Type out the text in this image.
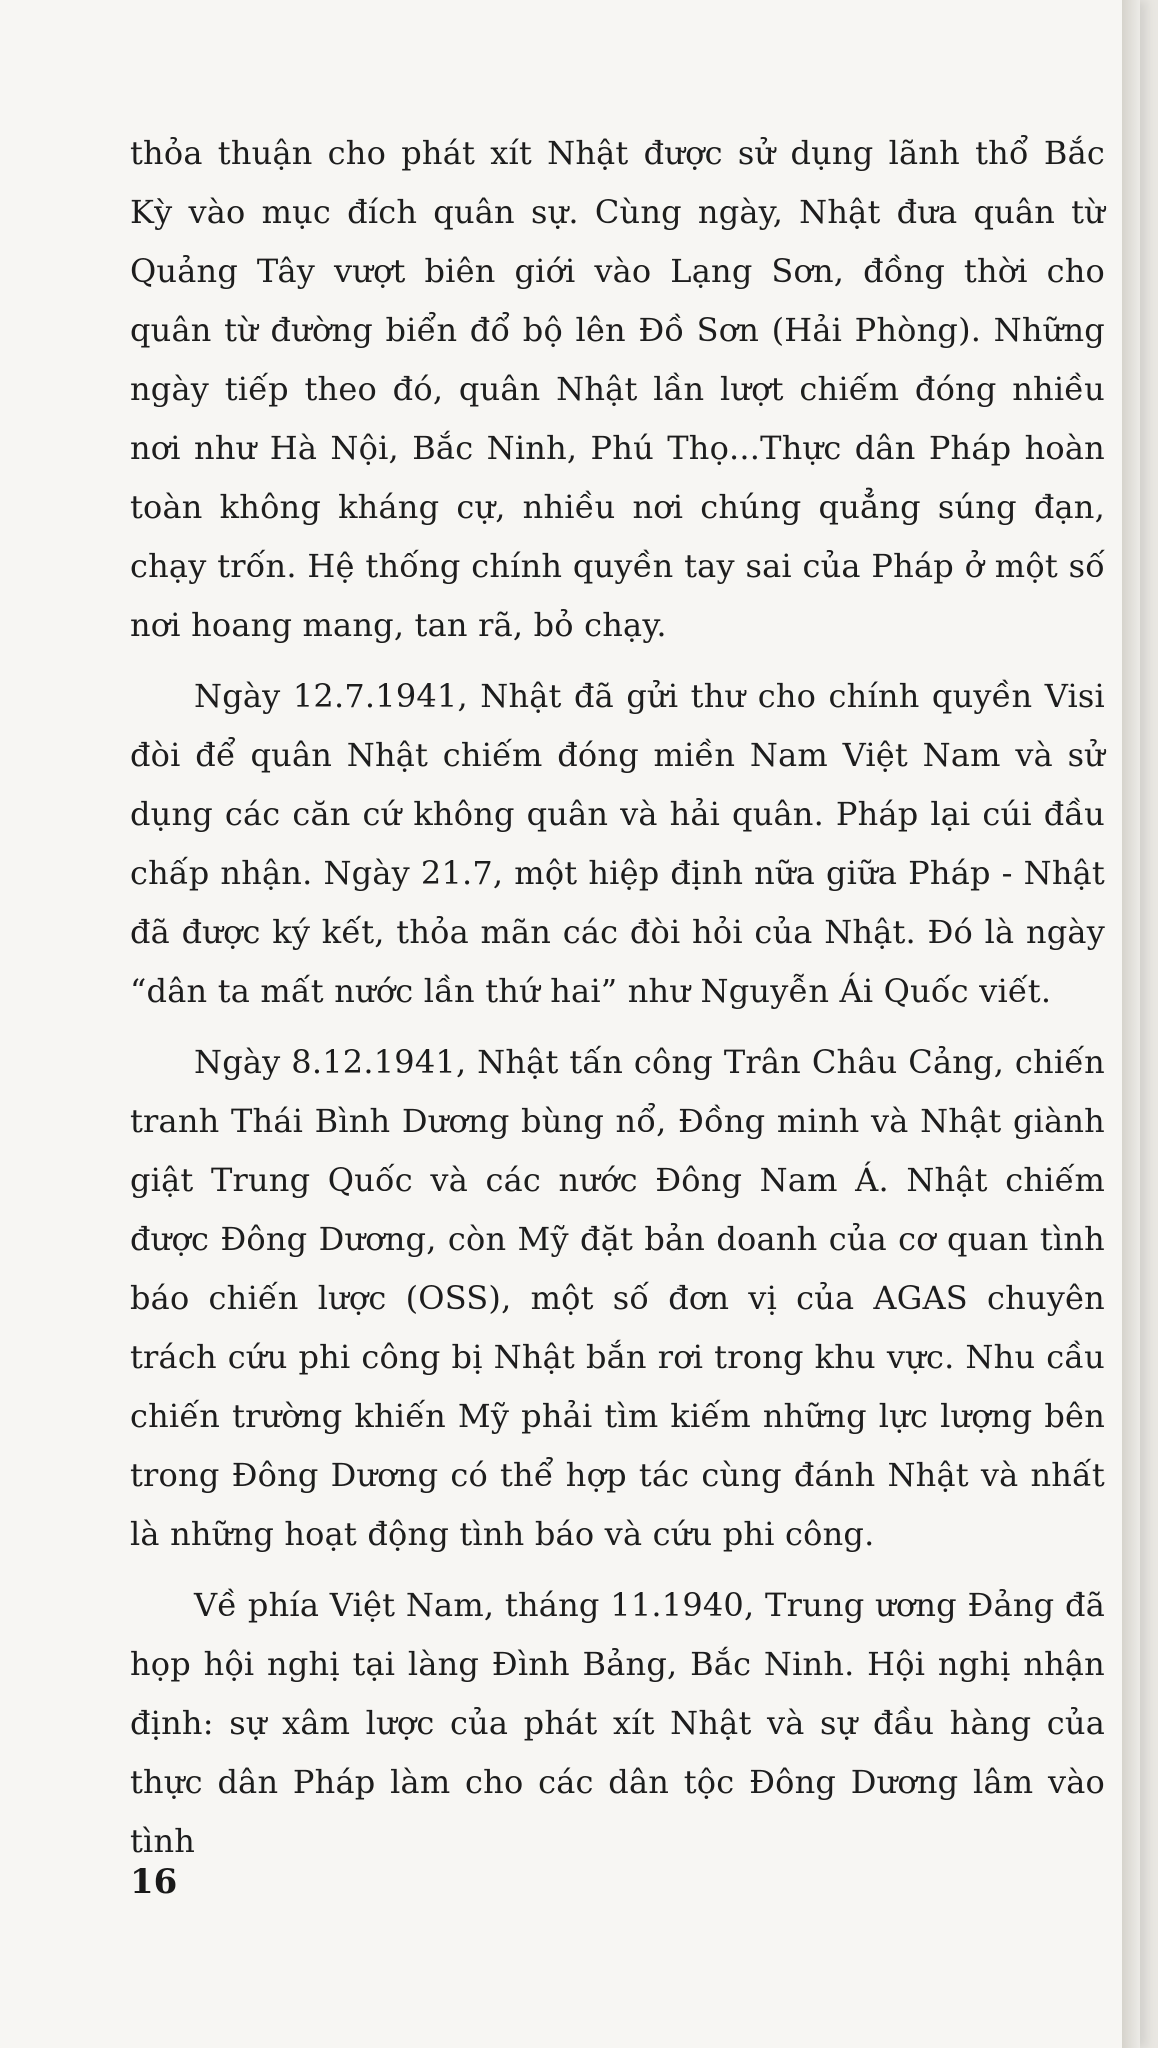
thỏa thuận cho phát xít Nhật được sử dụng lãnh thổ Bắc Kỳ vào mục đích quân sự. Cùng ngày, Nhật đưa quân từ Quảng Tây vượt biên giới vào Lạng Sơn, đồng thời cho quân từ đường biển đổ bộ lên Đồ Sơn (Hải Phòng). Những ngày tiếp theo đó, quân Nhật lần lượt chiếm đóng nhiều nơi như Hà Nội, Bắc Ninh, Phú Thọ...Thực dân Pháp hoàn toàn không kháng cự, nhiều nơi chúng quẳng súng đạn, chạy trốn. Hệ thống chính quyền tay sai của Pháp ở một số nơi hoang mang, tan rã, bỏ chạy.

Ngày 12.7.1941, Nhật đã gửi thư cho chính quyền Visi đòi để quân Nhật chiếm đóng miền Nam Việt Nam và sử dụng các căn cứ không quân và hải quân. Pháp lại cúi đầu chấp nhận. Ngày 21.7, một hiệp định nữa giữa Pháp - Nhật đã được ký kết, thỏa mãn các đòi hỏi của Nhật. Đó là ngày “dân ta mất nước lần thứ hai” như Nguyễn Ái Quốc viết.

Ngày 8.12.1941, Nhật tấn công Trân Châu Cảng, chiến tranh Thái Bình Dương bùng nổ, Đồng minh và Nhật giành giật Trung Quốc và các nước Đông Nam Á. Nhật chiếm được Đông Dương, còn Mỹ đặt bản doanh của cơ quan tình báo chiến lược (OSS), một số đơn vị của AGAS chuyên trách cứu phi công bị Nhật bắn rơi trong khu vực. Nhu cầu chiến trường khiến Mỹ phải tìm kiếm những lực lượng bên trong Đông Dương có thể hợp tác cùng đánh Nhật và nhất là những hoạt động tình báo và cứu phi công.

Về phía Việt Nam, tháng 11.1940, Trung ương Đảng đã họp hội nghị tại làng Đình Bảng, Bắc Ninh. Hội nghị nhận định: sự xâm lược của phát xít Nhật và sự đầu hàng của thực dân Pháp làm cho các dân tộc Đông Dương lâm vào tình

16
